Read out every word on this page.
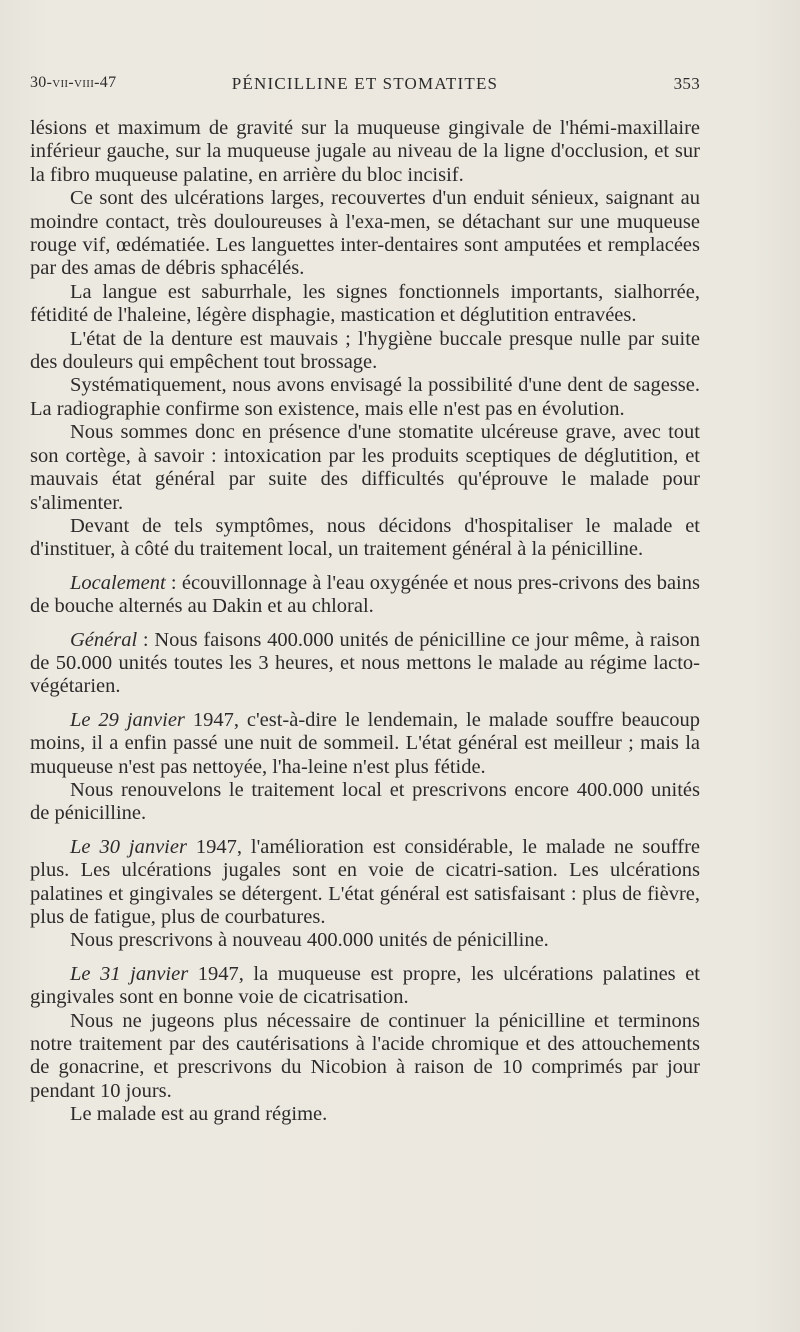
30-vii-viii-47	PÉNICILLINE ET STOMATITES	353

lésions et maximum de gravité sur la muqueuse gingivale de l'hémi-maxillaire inférieur gauche, sur la muqueuse jugale au niveau de la ligne d'occlusion, et sur la fibro muqueuse palatine, en arrière du bloc incisif.

Ce sont des ulcérations larges, recouvertes d'un enduit sénieux, saignant au moindre contact, très douloureuses à l'exa-men, se détachant sur une muqueuse rouge vif, œdématiée. Les languettes inter-dentaires sont amputées et remplacées par des amas de débris sphacélés.

La langue est saburrhale, les signes fonctionnels importants, sialhorrée, fétidité de l'haleine, légère disphagie, mastication et déglutition entravées.

L'état de la denture est mauvais ; l'hygiène buccale presque nulle par suite des douleurs qui empêchent tout brossage.

Systématiquement, nous avons envisagé la possibilité d'une dent de sagesse. La radiographie confirme son existence, mais elle n'est pas en évolution.

Nous sommes donc en présence d'une stomatite ulcéreuse grave, avec tout son cortège, à savoir : intoxication par les produits sceptiques de déglutition, et mauvais état général par suite des difficultés qu'éprouve le malade pour s'alimenter.

Devant de tels symptômes, nous décidons d'hospitaliser le malade et d'instituer, à côté du traitement local, un traitement général à la pénicilline.

Localement : écouvillonnage à l'eau oxygénée et nous pres-crivons des bains de bouche alternés au Dakin et au chloral.

Général : Nous faisons 400.000 unités de pénicilline ce jour même, à raison de 50.000 unités toutes les 3 heures, et nous mettons le malade au régime lacto-végétarien.

Le 29 janvier 1947, c'est-à-dire le lendemain, le malade souffre beaucoup moins, il a enfin passé une nuit de sommeil. L'état général est meilleur ; mais la muqueuse n'est pas nettoyée, l'ha-leine n'est plus fétide.

Nous renouvelons le traitement local et prescrivons encore 400.000 unités de pénicilline.

Le 30 janvier 1947, l'amélioration est considérable, le malade ne souffre plus. Les ulcérations jugales sont en voie de cicatri-sation. Les ulcérations palatines et gingivales se détergent. L'état général est satisfaisant : plus de fièvre, plus de fatigue, plus de courbatures.

Nous prescrivons à nouveau 400.000 unités de pénicilline.

Le 31 janvier 1947, la muqueuse est propre, les ulcérations palatines et gingivales sont en bonne voie de cicatrisation.

Nous ne jugeons plus nécessaire de continuer la pénicilline et terminons notre traitement par des cautérisations à l'acide chromique et des attouchements de gonacrine, et prescrivons du Nicobion à raison de 10 comprimés par jour pendant 10 jours.

Le malade est au grand régime.
